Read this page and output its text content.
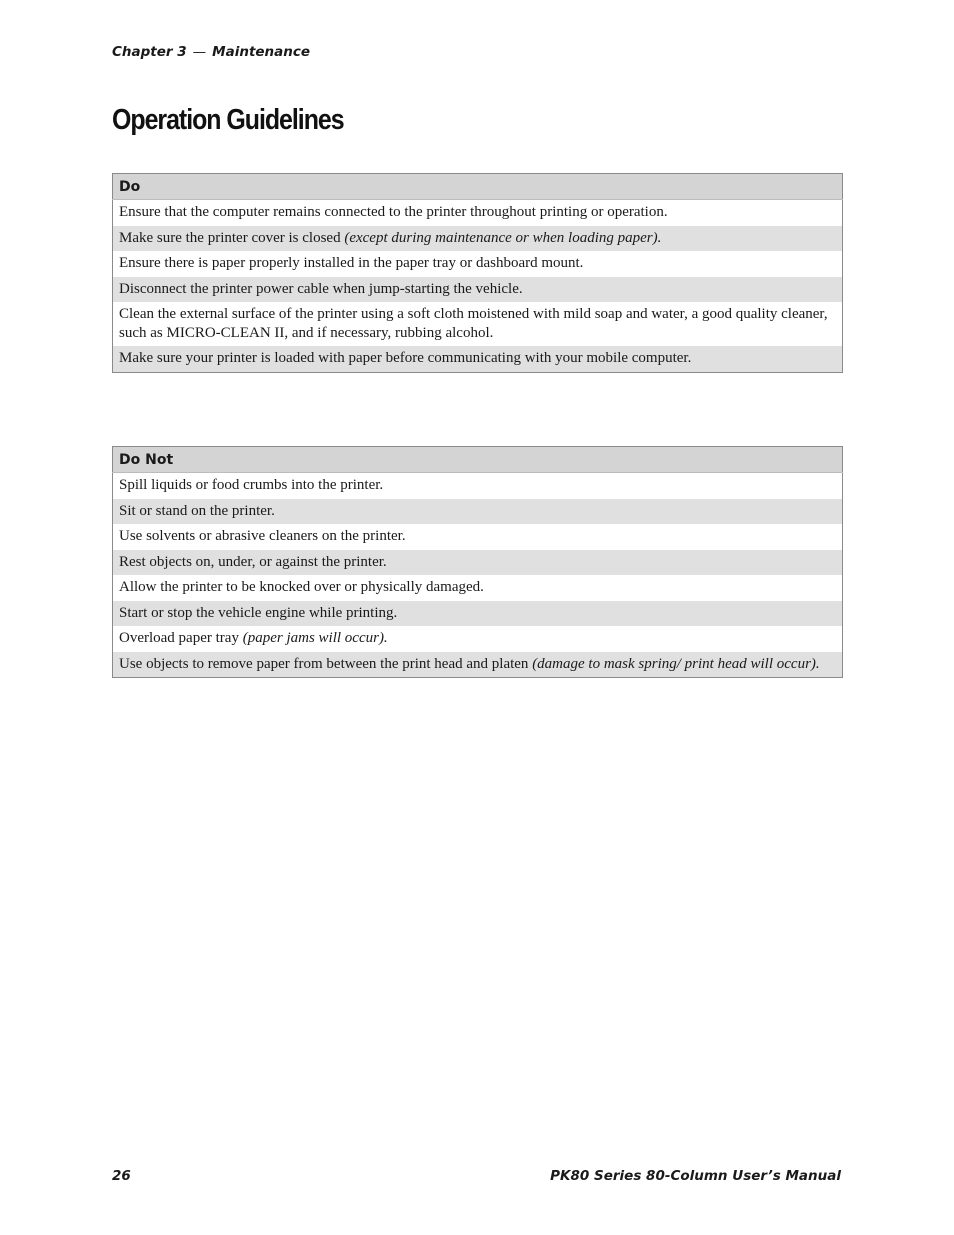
Chapter 3 — Maintenance
Operation Guidelines
Do
Ensure that the computer remains connected to the printer throughout printing or operation.
Make sure the printer cover is closed (except during maintenance or when loading paper).
Ensure there is paper properly installed in the paper tray or dashboard mount.
Disconnect the printer power cable when jump-starting the vehicle.
Clean the external surface of the printer using a soft cloth moistened with mild soap and water, a good quality cleaner, such as MICRO-CLEAN II, and if necessary, rubbing alcohol.
Make sure your printer is loaded with paper before communicating with your mobile computer.
Do Not
Spill liquids or food crumbs into the printer.
Sit or stand on the printer.
Use solvents or abrasive cleaners on the printer.
Rest objects on, under, or against the printer.
Allow the printer to be knocked over or physically damaged.
Start or stop the vehicle engine while printing.
Overload paper tray (paper jams will occur).
Use objects to remove paper from between the print head and platen (damage to mask spring/ print head will occur).
26	PK80 Series 80-Column User’s Manual
